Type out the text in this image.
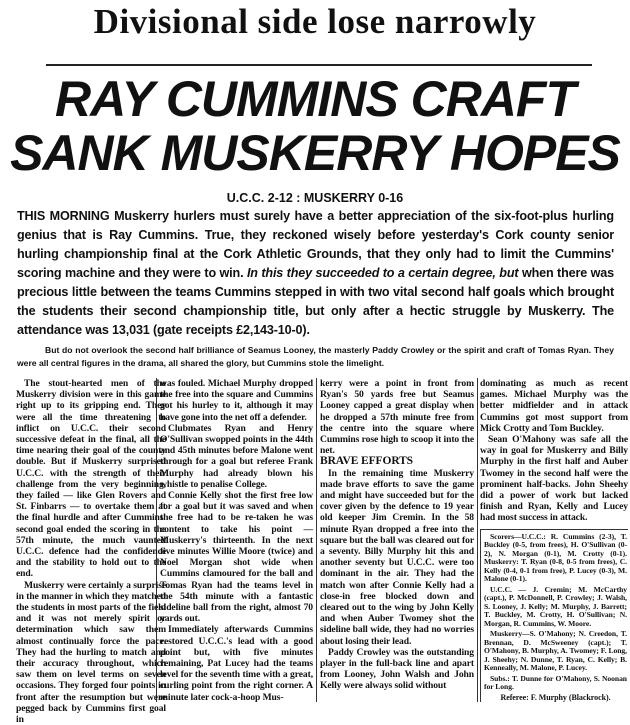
Divisional side lose narrowly
RAY CUMMINS CRAFT
SANK MUSKERRY HOPES
U.C.C. 2-12 : MUSKERRY 0-16
THIS MORNING Muskerry hurlers must surely have a better appreciation of the six-foot-plus hurling genius that is Ray Cummins. True, they reckoned wisely before yesterday's Cork county senior hurling championship final at the Cork Athletic Grounds, that they only had to limit the Cummins' scoring machine and they were to win. In this they succeeded to a certain degree, but when there was precious little between the teams Cummins stepped in with two vital second half goals which brought the students their second championship title, but only after a hectic struggle by Muskerry. The attendance was 13,031 (gate receipts £2,143-10-0).
But do not overlook the second half brilliance of Seamus Looney, the masterly Paddy Crowley or the spirit and craft of Tomas Ryan. They were all central figures in the drama, all shared the glory, but Cummins stole the limelight.

The stout-hearted men of the Muskerry division were in this game right up to its gripping end. They were all the time threatening to inflict on U.C.C. their second successive defeat in the final, all the time nearing their goal of the county double. But if Muskerry surprised U.C.C. with the strength of their challenge from the very beginning, they failed — like Glen Rovers and St. Finbarrs — to overtake them at the final hurdle and after Cummins' second goal ended the scoring in the 57th minute, the much vaunted U.C.C. defence had the confidence and the stability to hold out to the end.

Muskerry were certainly a surprise in the manner in which they matched the students in most parts of the field and it was not merely spirit or determination which saw them almost continually force the pace. They had the hurling to match and their accuracy throughout, which saw them on level terms on seven occasions. They forged four points in front after the resumption but were pegged back by Cummins first goal in

was fouled. Michael Murphy dropped the free into the square and Cummins got his hurley to it, although it may have gone into the net off a defender.

Clubmates Ryan and Henry O'Sullivan swopped points in the 44th and 45th minutes before Malone went through for a goal but referee Frank Murphy had already blown his whistle to penalise College.

Connie Kelly shot the first free low for a goal but it was saved and when the free had to be re-taken he was content to take his point — Muskerry's thirteenth. In the next five minutes Willie Moore (twice) and Noel Morgan shot wide when Cummins clamoured for the ball and Tomas Ryan had the teams level in the 54th minute with a fantastic sideline ball from the right, almost 70 yards out.

Immediately afterwards Cummins restored U.C.C.'s lead with a good point but, with five minutes remaining, Pat Lucey had the teams level for the seventh time with a great, curling point from the right corner. A minute later cock-a-hoop Mus-

kerry were a point in front from Ryan's 50 yards free but Seamus Looney capped a great display when he dropped a 57th minute free from the centre into the square where Cummins rose high to scoop it into the net.

BRAVE EFFORTS

In the remaining time Muskerry made brave efforts to save the game and might have succeeded but for the cover given by the defence to 19 year old keeper Jim Cremin. In the 58 minute Ryan dropped a free into the square but the ball was cleared out for a seventy. Billy Murphy hit this and another seventy but U.C.C. were too dominant in the air. They had the match won after Connie Kelly had a close-in free blocked down and cleared out to the wing by John Kelly and when Auber Twomey shot the sideline ball wide, they had no worries about losing their lead.

Paddy Crowley was the outstanding player in the full-back line and apart from Looney, John Walsh and John Kelly were always solid without

dominating as much as recent games. Michael Murphy was the better midfielder and in attack Cummins got most support from Mick Crotty and Tom Buckley.

Sean O'Mahony was safe all the way in goal for Muskerry and Billy Murphy in the first half and Auber Twomey in the second half were the prominent half-backs. John Sheehy did a power of work but lacked finish and Ryan, Kelly and Lucey had most success in attack.

Scorers—U.C.C.: R. Cummins (2-3), T. Buckley (0-5, from frees), H. O'Sullivan (0-2), N. Morgan (0-1), M. Crotty (0-1). Muskerry: T. Ryan (0-8, 0-5 from frees), C. Kelly (0-4, 0-1 from free), P. Lucey (0-3), M. Malone (0-1).

U.C.C. — J. Cremin; M. McCarthy (capt.), P. McDonnell, P. Crowley; J. Walsh, S. Looney, J. Kelly; M. Murphy, J. Barrett; T. Buckley, M. Crotty, H. O'Sullivan; N. Morgan, R. Cummins, W. Moore.

Muskerry—S. O'Mahony; N. Creedon, T. Brennan, D. McSweeney (capt.); T. O'Mahony, B. Murphy, A. Twomey; F. Long, J. Sheehy; N. Dunne, T. Ryan, C. Kelly; B. Kenneally, M. Malone, P. Lucey.

Subs.: T. Dunne for O'Mahony, S. Noonan for Long.

Referee: F. Murphy (Blackrock).
